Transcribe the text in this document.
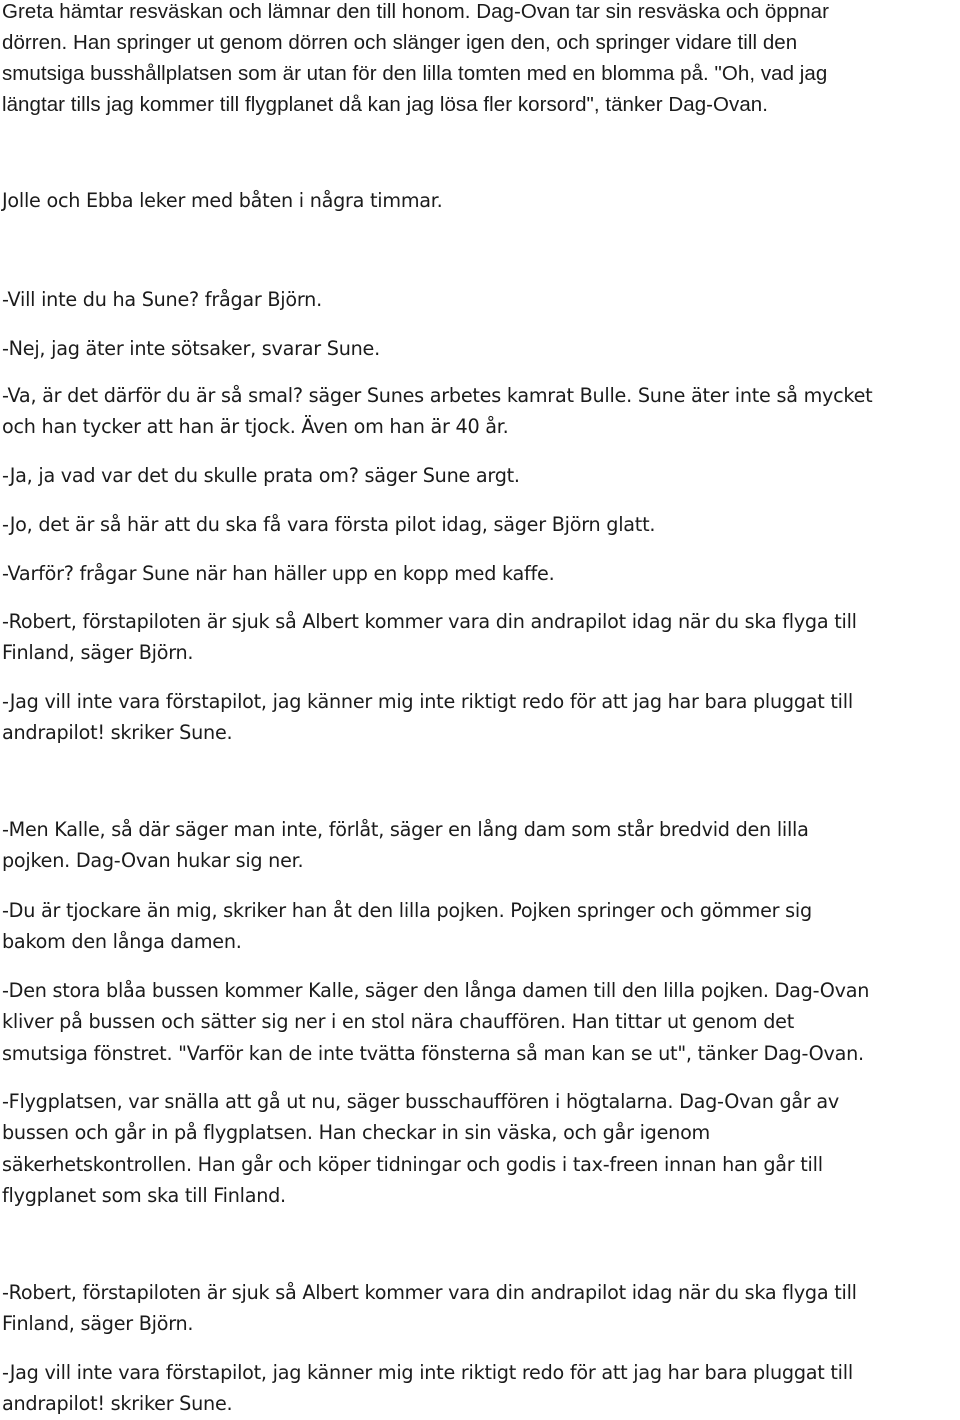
Greta hämtar resväskan och lämnar den till honom. Dag-Ovan tar sin resväska och öppnar
dörren. Han springer ut genom dörren och slänger igen den, och springer vidare till den
smutsiga busshållplatsen som är utan för den lilla tomten med en blomma på. "Oh, vad jag
längtar tills jag kommer till flygplanet då kan jag lösa fler korsord", tänker Dag-Ovan.

Jolle och Ebba leker med båten i några timmar.

-Vill inte du ha Sune? frågar Björn.

-Nej, jag äter inte sötsaker, svarar Sune.

-Va, är det därför du är så smal? säger Sunes arbetes kamrat Bulle. Sune äter inte så mycket
och han tycker att han är tjock. Även om han är 40 år.

-Ja, ja vad var det du skulle prata om? säger Sune argt.

-Jo, det är så här att du ska få vara första pilot idag, säger Björn glatt.

-Varför? frågar Sune när han häller upp en kopp med kaffe.

-Robert, förstapiloten är sjuk så Albert kommer vara din andrapilot idag när du ska flyga till
Finland, säger Björn.

-Jag vill inte vara förstapilot, jag känner mig inte riktigt redo för att jag har bara pluggat till
andrapilot! skriker Sune.

-Men Kalle, så där säger man inte, förlåt, säger en lång dam som står bredvid den lilla
pojken. Dag-Ovan hukar sig ner.

-Du är tjockare än mig, skriker han åt den lilla pojken. Pojken springer och gömmer sig
bakom den långa damen.

-Den stora blåa bussen kommer Kalle, säger den långa damen till den lilla pojken. Dag-Ovan
kliver på bussen och sätter sig ner i en stol nära chauffören. Han tittar ut genom det
smutsiga fönstret. "Varför kan de inte tvätta fönsterna så man kan se ut", tänker Dag-Ovan.

-Flygplatsen, var snälla att gå ut nu, säger busschauffören i högtalarna. Dag-Ovan går av
bussen och går in på flygplatsen. Han checkar in sin väska, och går igenom
säkerhetskontrollen. Han går och köper tidningar och godis i tax-freen innan han går till
flygplanet som ska till Finland.

-Robert, förstapiloten är sjuk så Albert kommer vara din andrapilot idag när du ska flyga till
Finland, säger Björn.

-Jag vill inte vara förstapilot, jag känner mig inte riktigt redo för att jag har bara pluggat till
andrapilot! skriker Sune.
